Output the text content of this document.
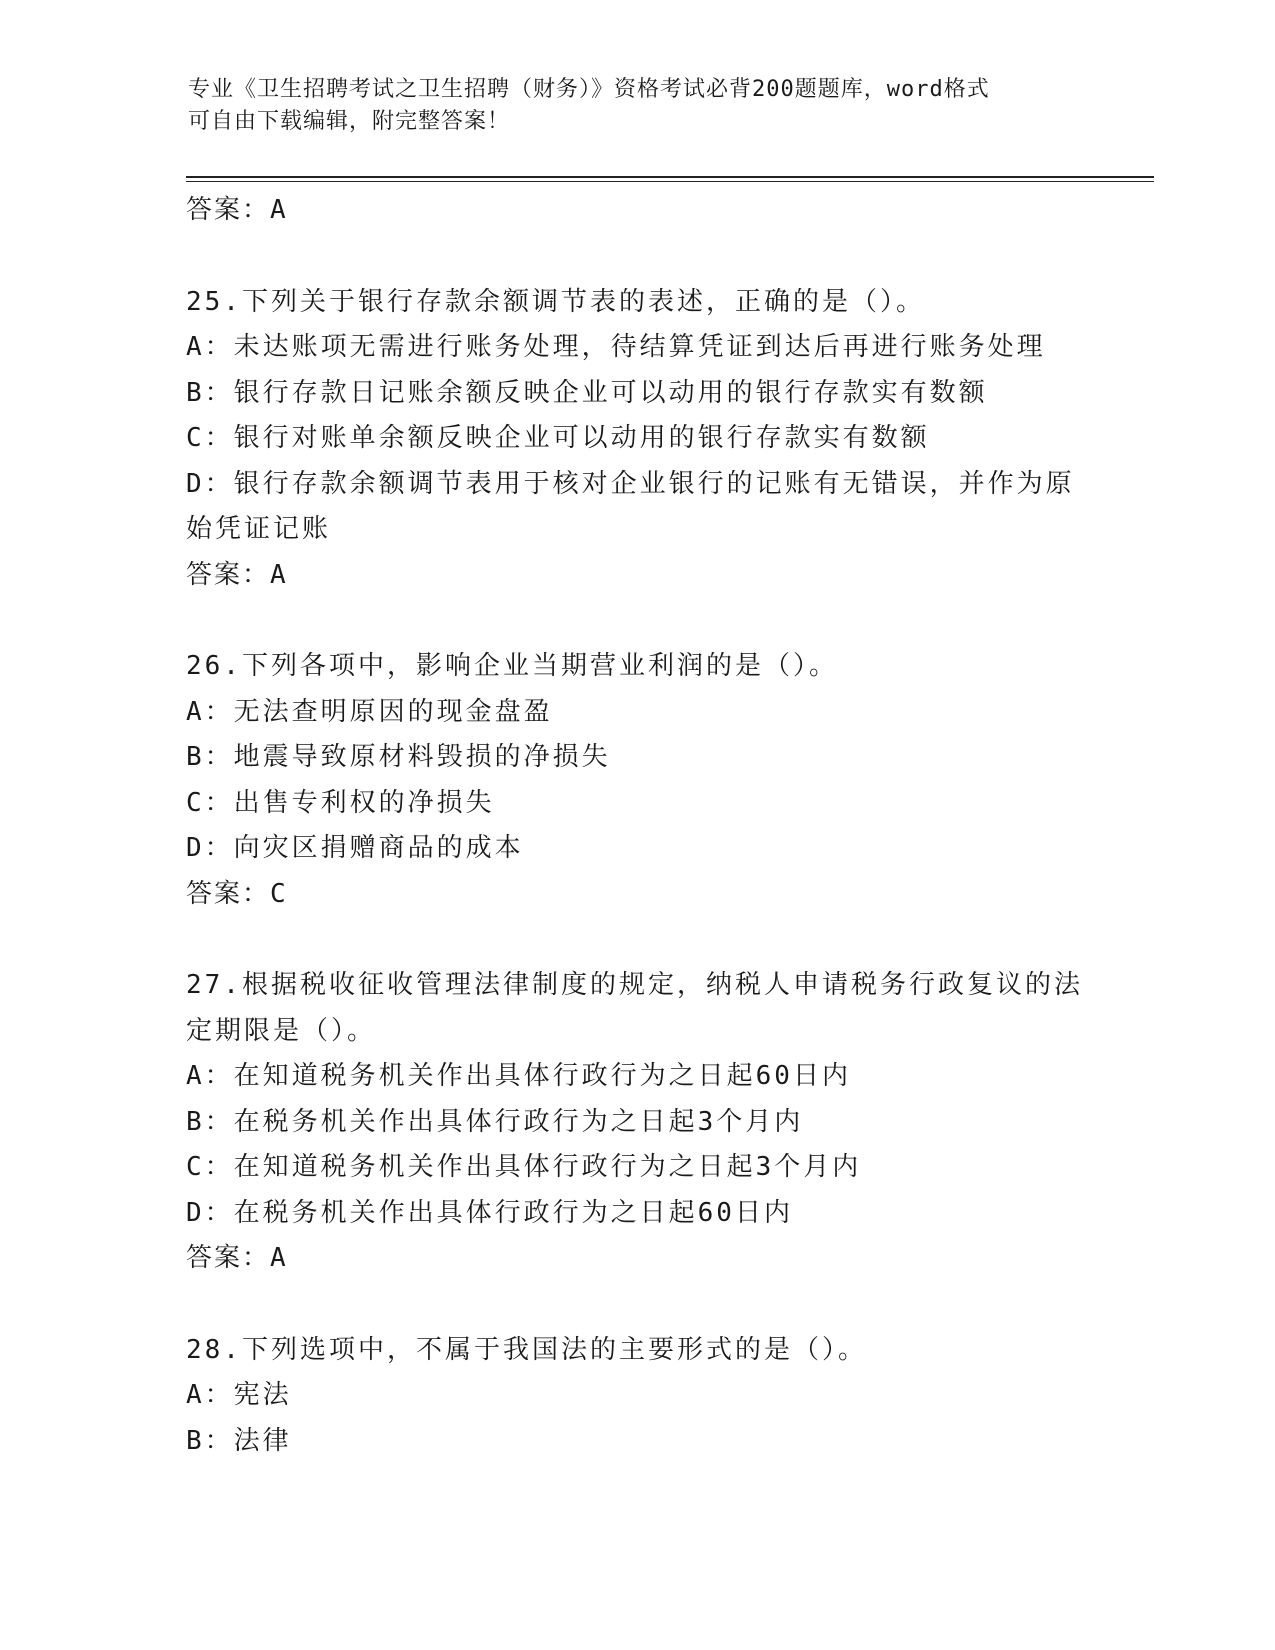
专业《卫生招聘考试之卫生招聘（财务）》资格考试必背200题题库，word格式
可自由下载编辑，附完整答案！
答案：A
25.下列关于银行存款余额调节表的表述，正确的是（）。
A：未达账项无需进行账务处理，待结算凭证到达后再进行账务处理
B：银行存款日记账余额反映企业可以动用的银行存款实有数额
C：银行对账单余额反映企业可以动用的银行存款实有数额
D：银行存款余额调节表用于核对企业银行的记账有无错误，并作为原
始凭证记账
答案：A
26.下列各项中，影响企业当期营业利润的是（）。
A：无法查明原因的现金盘盈
B：地震导致原材料毁损的净损失
C：出售专利权的净损失
D：向灾区捐赠商品的成本
答案：C
27.根据税收征收管理法律制度的规定，纳税人申请税务行政复议的法
定期限是（）。
A：在知道税务机关作出具体行政行为之日起60日内
B：在税务机关作出具体行政行为之日起3个月内
C：在知道税务机关作出具体行政行为之日起3个月内
D：在税务机关作出具体行政行为之日起60日内
答案：A
28.下列选项中，不属于我国法的主要形式的是（）。
A：宪法
B：法律
